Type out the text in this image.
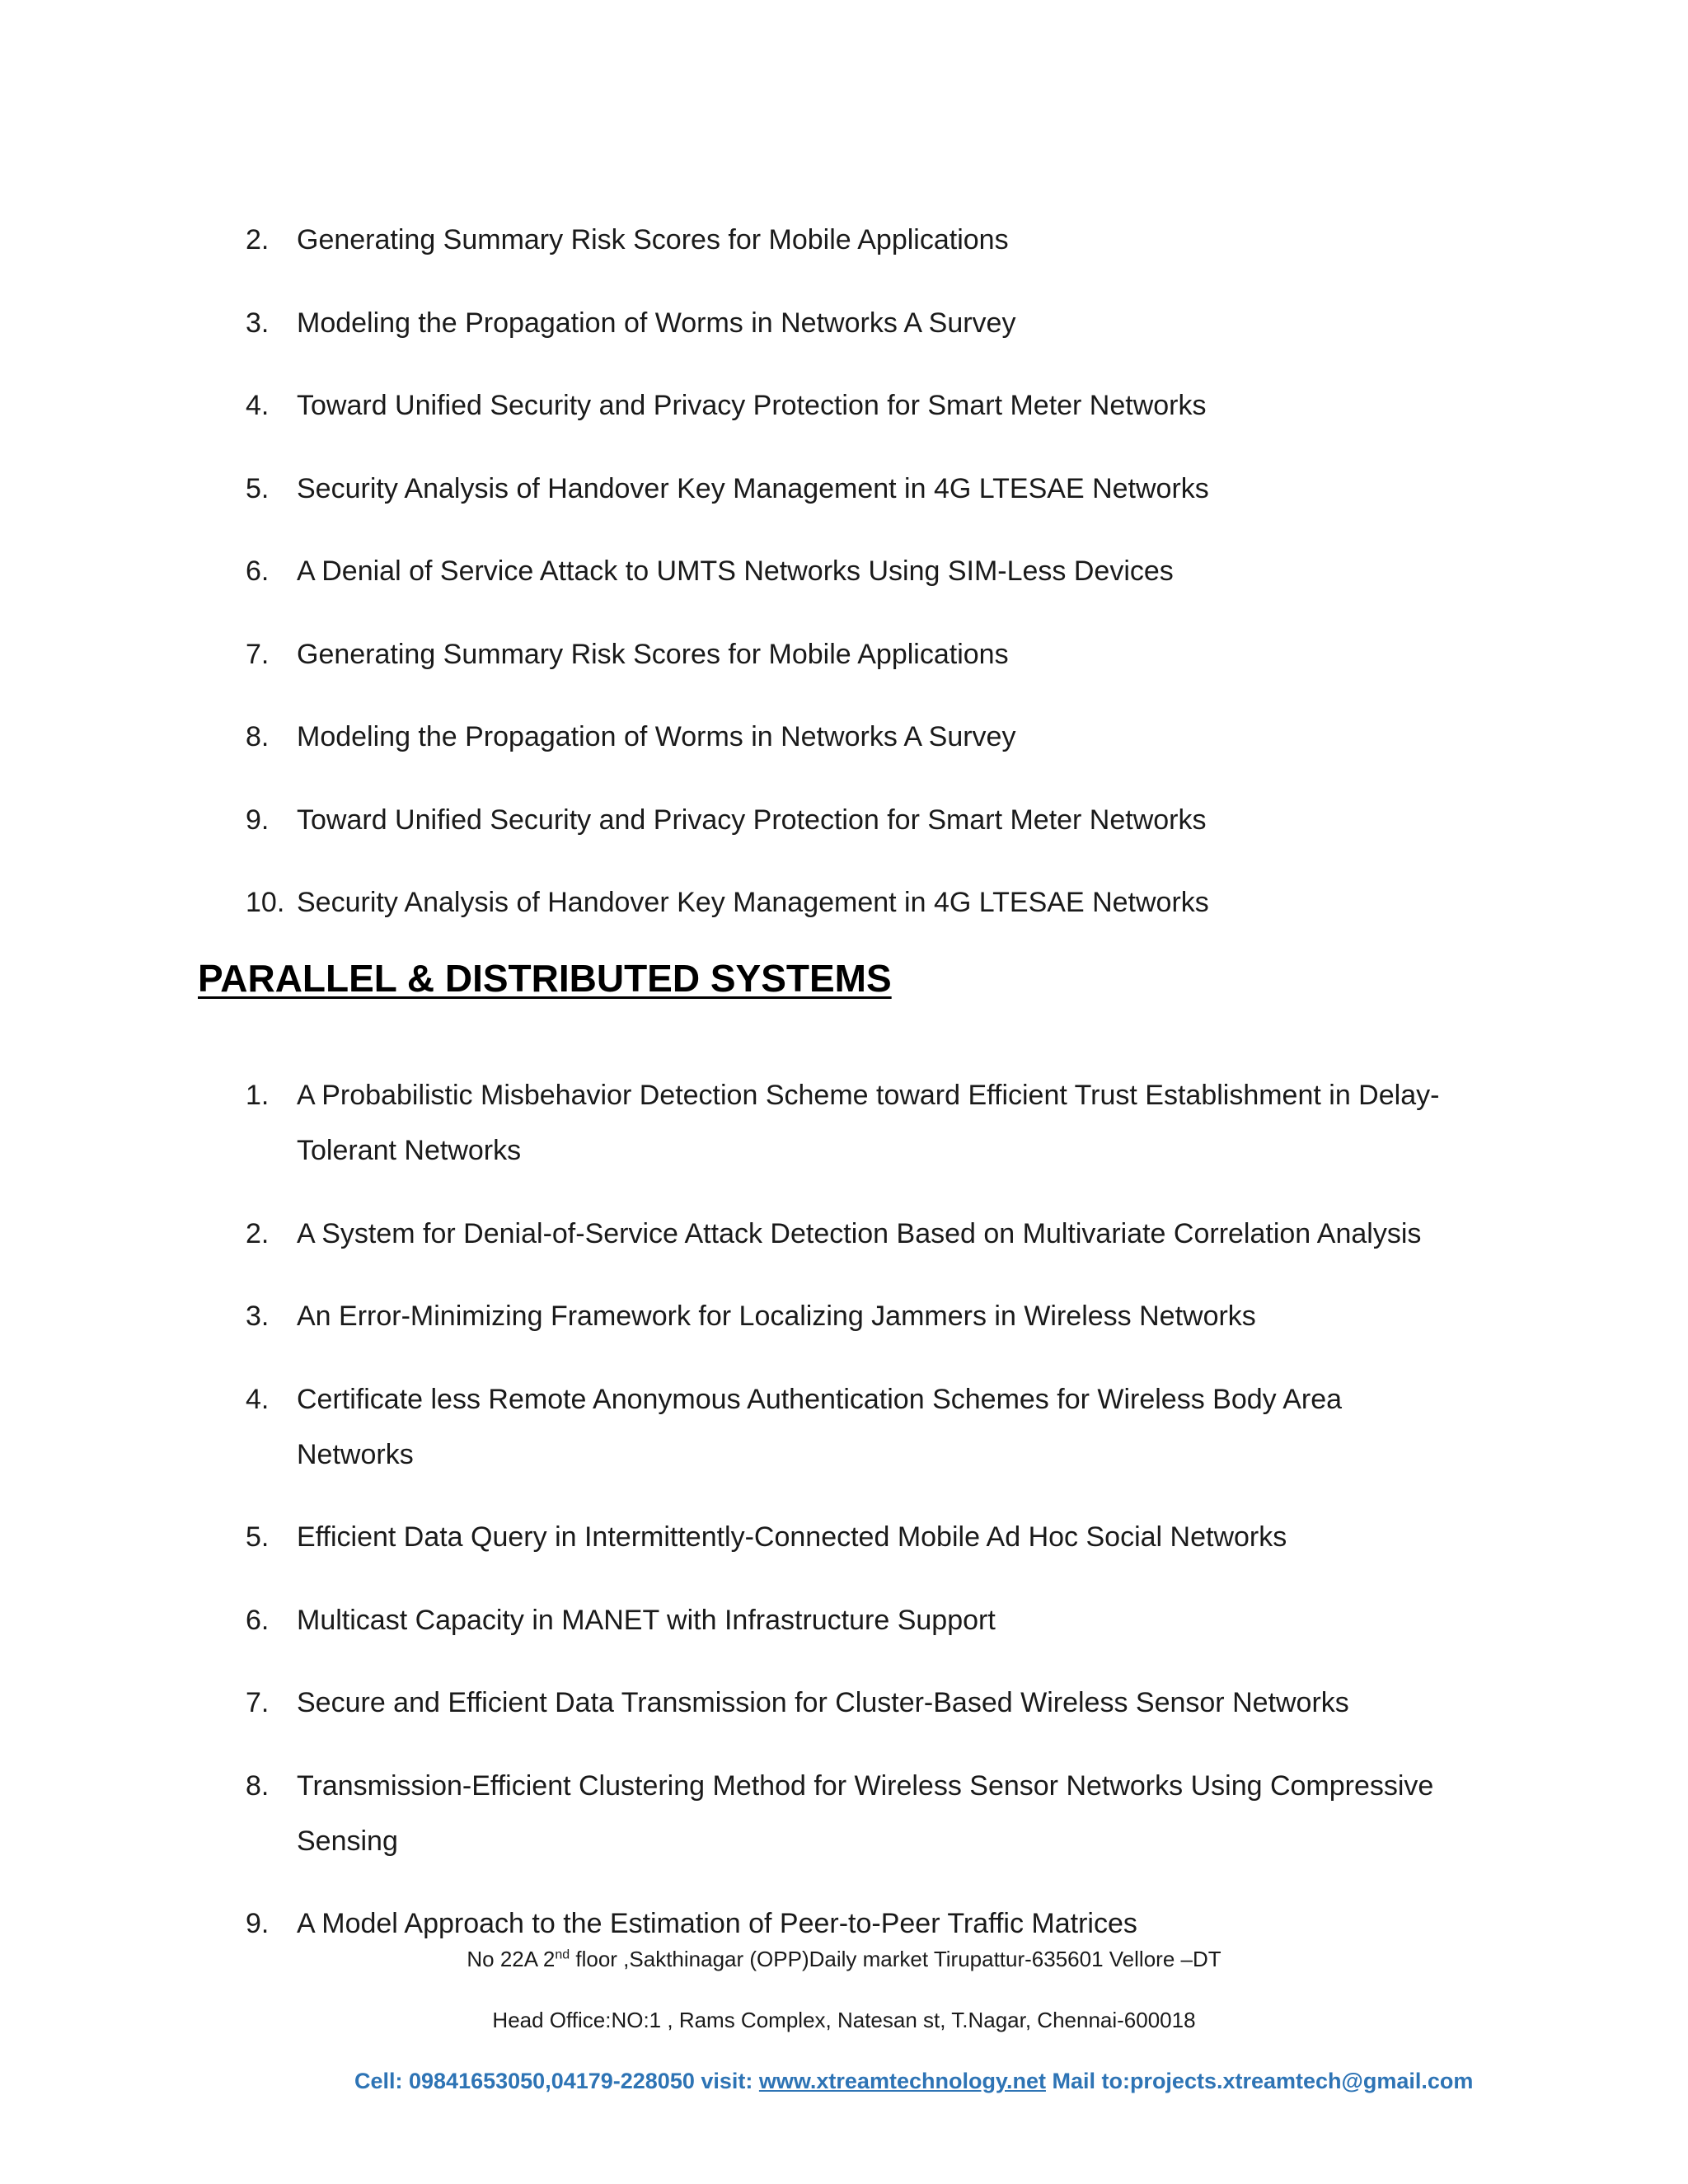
2. Generating Summary Risk Scores for Mobile Applications
3. Modeling the Propagation of Worms in Networks A Survey
4. Toward Unified Security and Privacy Protection for Smart Meter Networks
5. Security Analysis of Handover Key Management in 4G LTESAE Networks
6. A Denial of Service Attack to UMTS Networks Using SIM-Less Devices
7. Generating Summary Risk Scores for Mobile Applications
8. Modeling the Propagation of Worms in Networks A Survey
9. Toward Unified Security and Privacy Protection for Smart Meter Networks
10. Security Analysis of Handover Key Management in 4G LTESAE Networks
PARALLEL & DISTRIBUTED SYSTEMS
1. A Probabilistic Misbehavior Detection Scheme toward Efficient Trust Establishment in Delay-Tolerant Networks
2. A System for Denial-of-Service Attack Detection Based on Multivariate Correlation Analysis
3. An Error-Minimizing Framework for Localizing Jammers in Wireless Networks
4. Certificate less Remote Anonymous Authentication Schemes for Wireless Body Area Networks
5. Efficient Data Query in Intermittently-Connected Mobile Ad Hoc Social Networks
6. Multicast Capacity in MANET with Infrastructure Support
7. Secure and Efficient Data Transmission for Cluster-Based Wireless Sensor Networks
8. Transmission-Efficient Clustering Method for Wireless Sensor Networks Using Compressive Sensing
9. A Model Approach to the Estimation of Peer-to-Peer Traffic Matrices
No 22A 2nd floor ,Sakthinagar (OPP)Daily market Tirupattur-635601 Vellore –DT
Head Office:NO:1 , Rams Complex, Natesan st, T.Nagar, Chennai-600018
Cell: 09841653050,04179-228050 visit: www.xtreamtechnology.net Mail to:projects.xtreamtech@gmail.com
